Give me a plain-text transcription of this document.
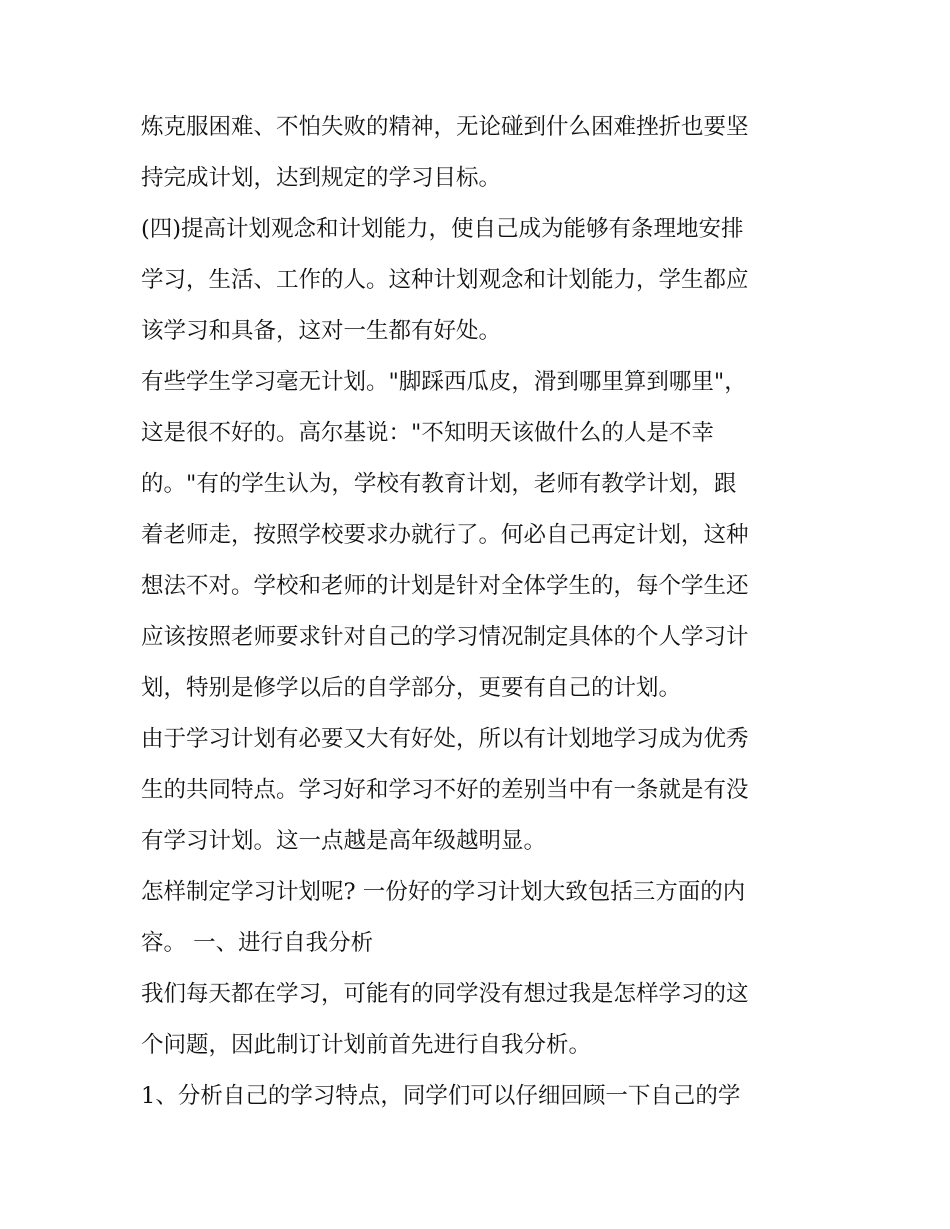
炼克服困难、不怕失败的精神，无论碰到什么困难挫折也要坚
持完成计划，达到规定的学习目标。
(四)提高计划观念和计划能力，使自己成为能够有条理地安排
学习，生活、工作的人。这种计划观念和计划能力，学生都应
该学习和具备，这对一生都有好处。
有些学生学习毫无计划。"脚踩西瓜皮，滑到哪里算到哪里"，
这是很不好的。高尔基说："不知明天该做什么的人是不幸
的。"有的学生认为，学校有教育计划，老师有教学计划，跟
着老师走，按照学校要求办就行了。何必自己再定计划，这种
想法不对。学校和老师的计划是针对全体学生的，每个学生还
应该按照老师要求针对自己的学习情况制定具体的个人学习计
划，特别是修学以后的自学部分，更要有自己的计划。
由于学习计划有必要又大有好处，所以有计划地学习成为优秀
生的共同特点。学习好和学习不好的差别当中有一条就是有没
有学习计划。这一点越是高年级越明显。
怎样制定学习计划呢? 一份好的学习计划大致包括三方面的内
容。 一、进行自我分析
我们每天都在学习，可能有的同学没有想过我是怎样学习的这
个问题，因此制订计划前首先进行自我分析。
1、分析自己的学习特点，同学们可以仔细回顾一下自己的学
